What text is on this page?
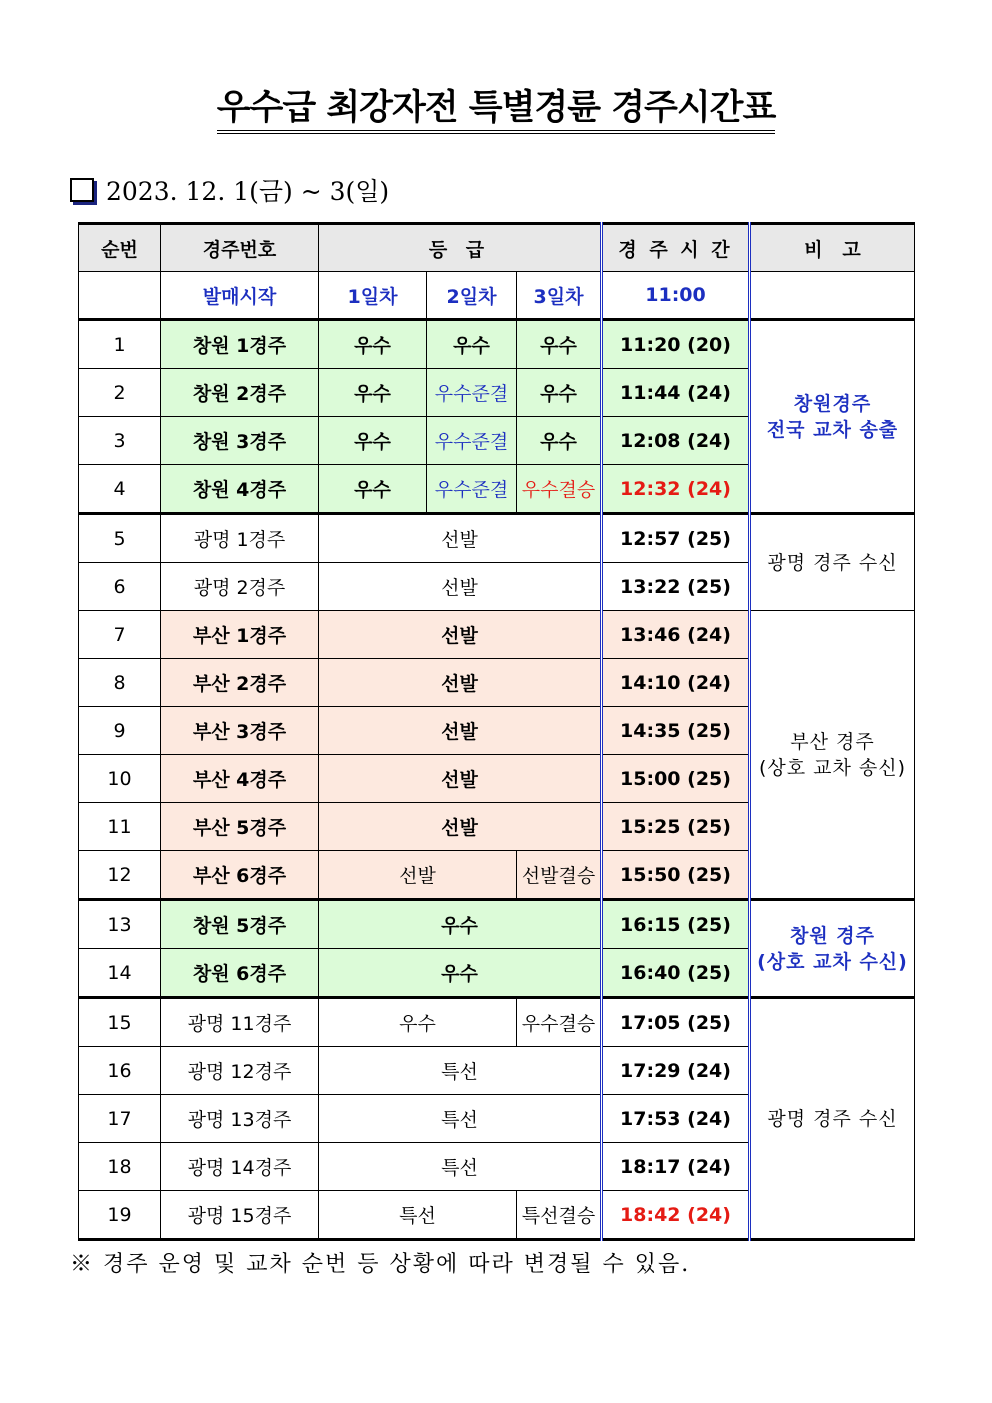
우수급 최강자전 특별경륜 경주시간표
2023. 12. 1(금) ~ 3(일)
순번	경주번호	등 급			경 주 시 간	비   고
	발매시작	1일차	2일차	3일차	11:00	
1	창원 1경주	우수	우수	우수	11:20 (20)	창원경주
전국 교차 송출

2	창원 2경주	우수	우수준결	우수	11:44 (24)	
3	창원 3경주	우수	우수준결	우수	12:08 (24)	
4	창원 4경주	우수	우수준결	우수결승	12:32 (24)	
5	광명 1경주	선발			12:57 (25)	광명 경주 수신
6	광명 2경주	선발			13:22 (25)	
7	부산 1경주	선발			13:46 (24)	부산 경주
(상호 교차 송신)

8	부산 2경주	선발			14:10 (24)	
9	부산 3경주	선발			14:35 (25)	
10	부산 4경주	선발			15:00 (25)	
11	부산 5경주	선발			15:25 (25)	
12	부산 6경주	선발		선발결승	15:50 (25)	
13	창원 5경주	우수			16:15 (25)	창원 경주
(상호 교차 수신)

14	창원 6경주	우수			16:40 (25)	
15	광명 11경주	우수		우수결승	17:05 (25)	광명 경주 수신
16	광명 12경주	특선			17:29 (24)	
17	광명 13경주	특선			17:53 (24)	
18	광명 14경주	특선			18:17 (24)	
19	광명 15경주	특선		특선결승	18:42 (24)	
※ 경주 운영 및 교차 순번 등 상황에 따라 변경될 수 있음.
